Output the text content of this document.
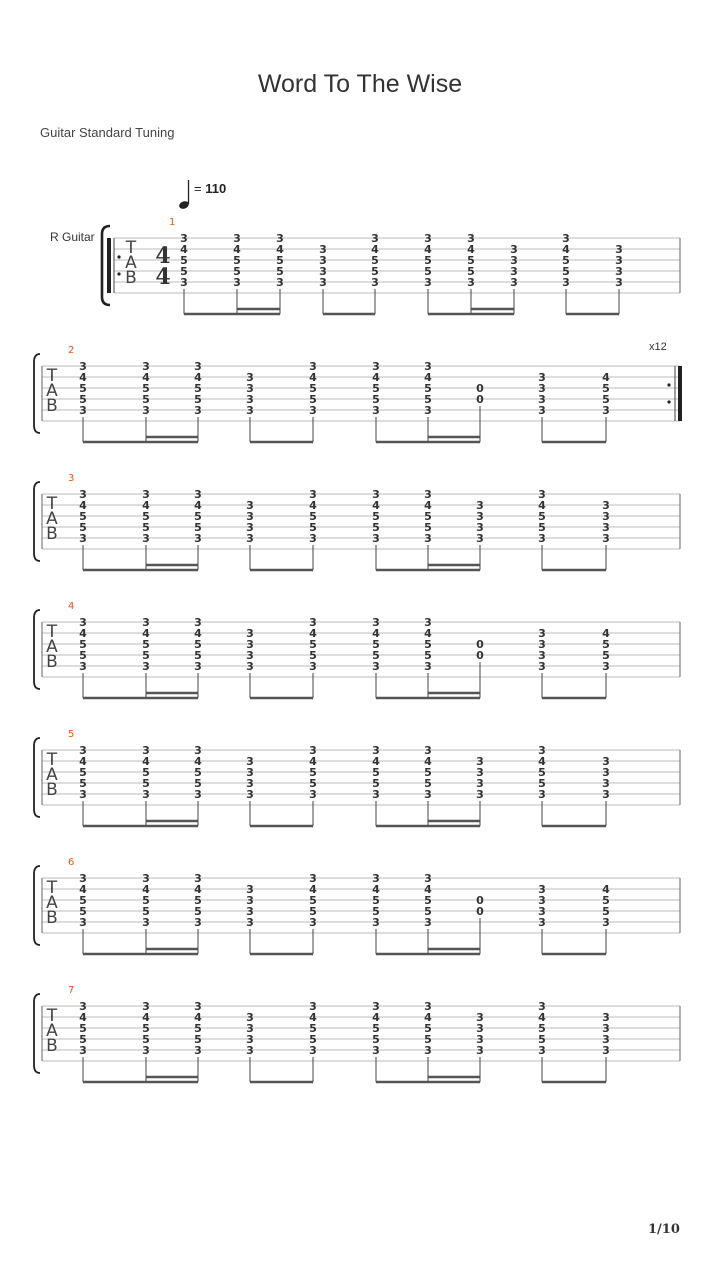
Word To The Wise
Guitar Standard Tuning
= 110
R Guitar
x12
1/10
T
A
B
4
4
1
3
4
5
5
3
3
4
5
5
3
3
4
5
5
3
3
3
3
3
3
4
5
5
3
3
4
5
5
3
3
4
5
5
3
3
3
3
3
3
4
5
5
3
3
3
3
3
T
A
B
2
3
4
5
5
3
3
4
5
5
3
3
4
5
5
3
3
3
3
3
3
4
5
5
3
3
4
5
5
3
3
4
5
5
3
0
0
3
3
3
3
4
5
5
3
T
A
B
3
3
4
5
5
3
3
4
5
5
3
3
4
5
5
3
3
3
3
3
3
4
5
5
3
3
4
5
5
3
3
4
5
5
3
3
3
3
3
3
4
5
5
3
3
3
3
3
T
A
B
4
3
4
5
5
3
3
4
5
5
3
3
4
5
5
3
3
3
3
3
3
4
5
5
3
3
4
5
5
3
3
4
5
5
3
0
0
3
3
3
3
4
5
5
3
T
A
B
5
3
4
5
5
3
3
4
5
5
3
3
4
5
5
3
3
3
3
3
3
4
5
5
3
3
4
5
5
3
3
4
5
5
3
3
3
3
3
3
4
5
5
3
3
3
3
3
T
A
B
6
3
4
5
5
3
3
4
5
5
3
3
4
5
5
3
3
3
3
3
3
4
5
5
3
3
4
5
5
3
3
4
5
5
3
0
0
3
3
3
3
4
5
5
3
T
A
B
7
3
4
5
5
3
3
4
5
5
3
3
4
5
5
3
3
3
3
3
3
4
5
5
3
3
4
5
5
3
3
4
5
5
3
3
3
3
3
3
4
5
5
3
3
3
3
3
